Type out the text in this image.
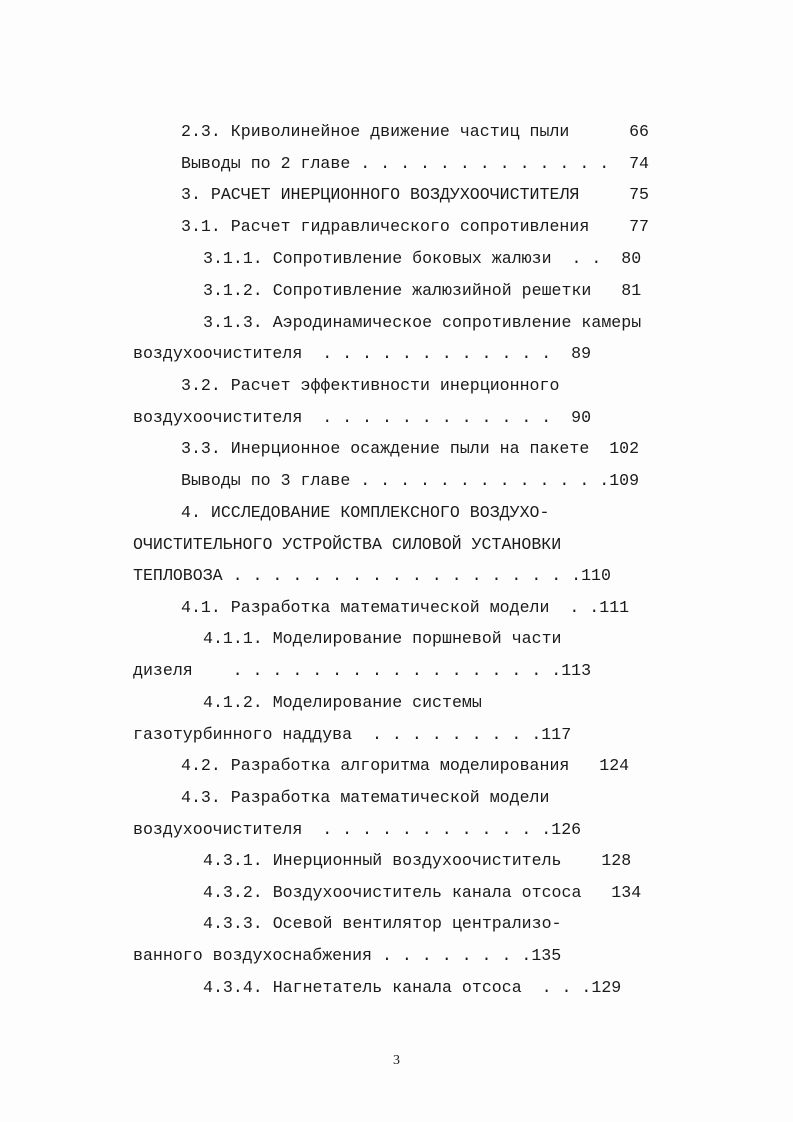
2.3. Криволинейное движение частиц пыли      66
Выводы по 2 главе . . . . . . . . . . . . .  74
3. РАСЧЕТ ИНЕРЦИОННОГО ВОЗДУХООЧИСТИТЕЛЯ     75
3.1. Расчет гидравлического сопротивления    77
3.1.1. Сопротивление боковых жалюзи  . .  80
3.1.2. Сопротивление жалюзийной решетки   81
3.1.3. Аэродинамическое сопротивление камеры
воздухоочистителя  . . . . . . . . . . . .  89
3.2. Расчет эффективности инерционного
воздухоочистителя  . . . . . . . . . . . .  90
3.3. Инерционное осаждение пыли на пакете  102
Выводы по 3 главе . . . . . . . . . . . . .109
4. ИССЛЕДОВАНИЕ КОМПЛЕКСНОГО ВОЗДУХО-
ОЧИСТИТЕЛЬНОГО УСТРОЙСТВА СИЛОВОЙ УСТАНОВКИ
ТЕПЛОВОЗА . . . . . . . . . . . . . . . . . .110
4.1. Разработка математической модели  . .111
4.1.1. Моделирование поршневой части
дизеля    . . . . . . . . . . . . . . . . .113
4.1.2. Моделирование системы
газотурбинного наддува  . . . . . . . . .117
4.2. Разработка алгоритма моделирования   124
4.3. Разработка математической модели
воздухоочистителя  . . . . . . . . . . . .126
4.3.1. Инерционный воздухоочиститель    128
4.3.2. Воздухоочиститель канала отсоса   134
4.3.3. Осевой вентилятор централизо-
ванного воздухоснабжения . . . . . . . .135
4.3.4. Нагнетатель канала отсоса  . . .129
3
